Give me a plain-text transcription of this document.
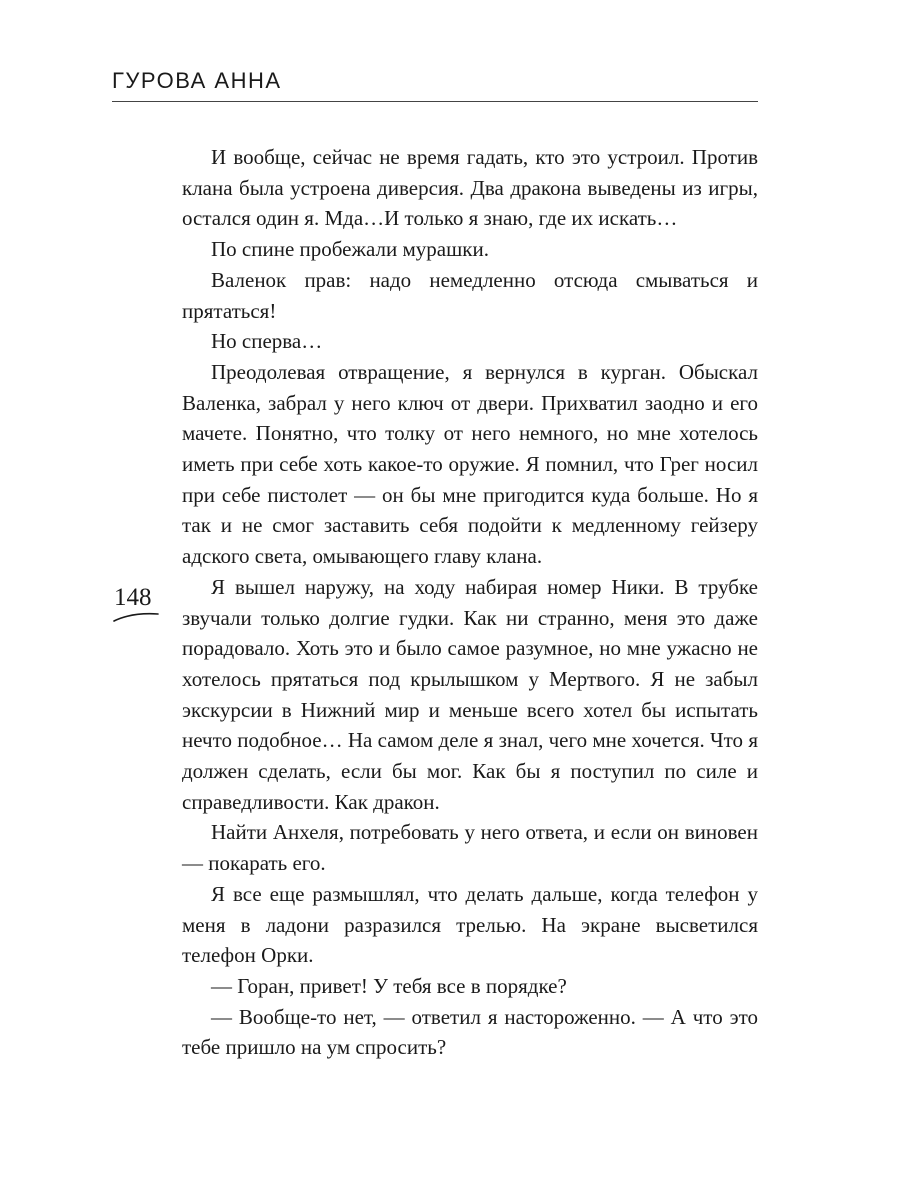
ГУРОВА АННА
148

И вообще, сейчас не время гадать, кто это устроил. Против клана была устроена диверсия. Два дракона выведены из игры, остался один я. Мда…И только я знаю, где их искать…

По спине пробежали мурашки.

Валенок прав: надо немедленно отсюда смываться и прятаться!

Но сперва…

Преодолевая отвращение, я вернулся в курган. Обыскал Валенка, забрал у него ключ от двери. Прихватил заодно и его мачете. Понятно, что толку от него немного, но мне хотелось иметь при себе хоть какое-то оружие. Я помнил, что Грег носил при себе пистолет — он бы мне пригодится куда больше. Но я так и не смог заставить себя подойти к медленному гейзеру адского света, омывающего главу клана.

Я вышел наружу, на ходу набирая номер Ники. В трубке звучали только долгие гудки. Как ни странно, меня это даже порадовало. Хоть это и было самое разумное, но мне ужасно не хотелось прятаться под крылышком у Мертвого. Я не забыл экскурсии в Нижний мир и меньше всего хотел бы испытать нечто подобное… На самом деле я знал, чего мне хочется. Что я должен сделать, если бы мог. Как бы я поступил по силе и справедливости. Как дракон.

Найти Анхеля, потребовать у него ответа, и если он виновен — покарать его.

Я все еще размышлял, что делать дальше, когда телефон у меня в ладони разразился трелью. На экране высветился телефон Орки.

— Горан, привет! У тебя все в порядке?

— Вообще-то нет, — ответил я настороженно. — А что это тебе пришло на ум спросить?
